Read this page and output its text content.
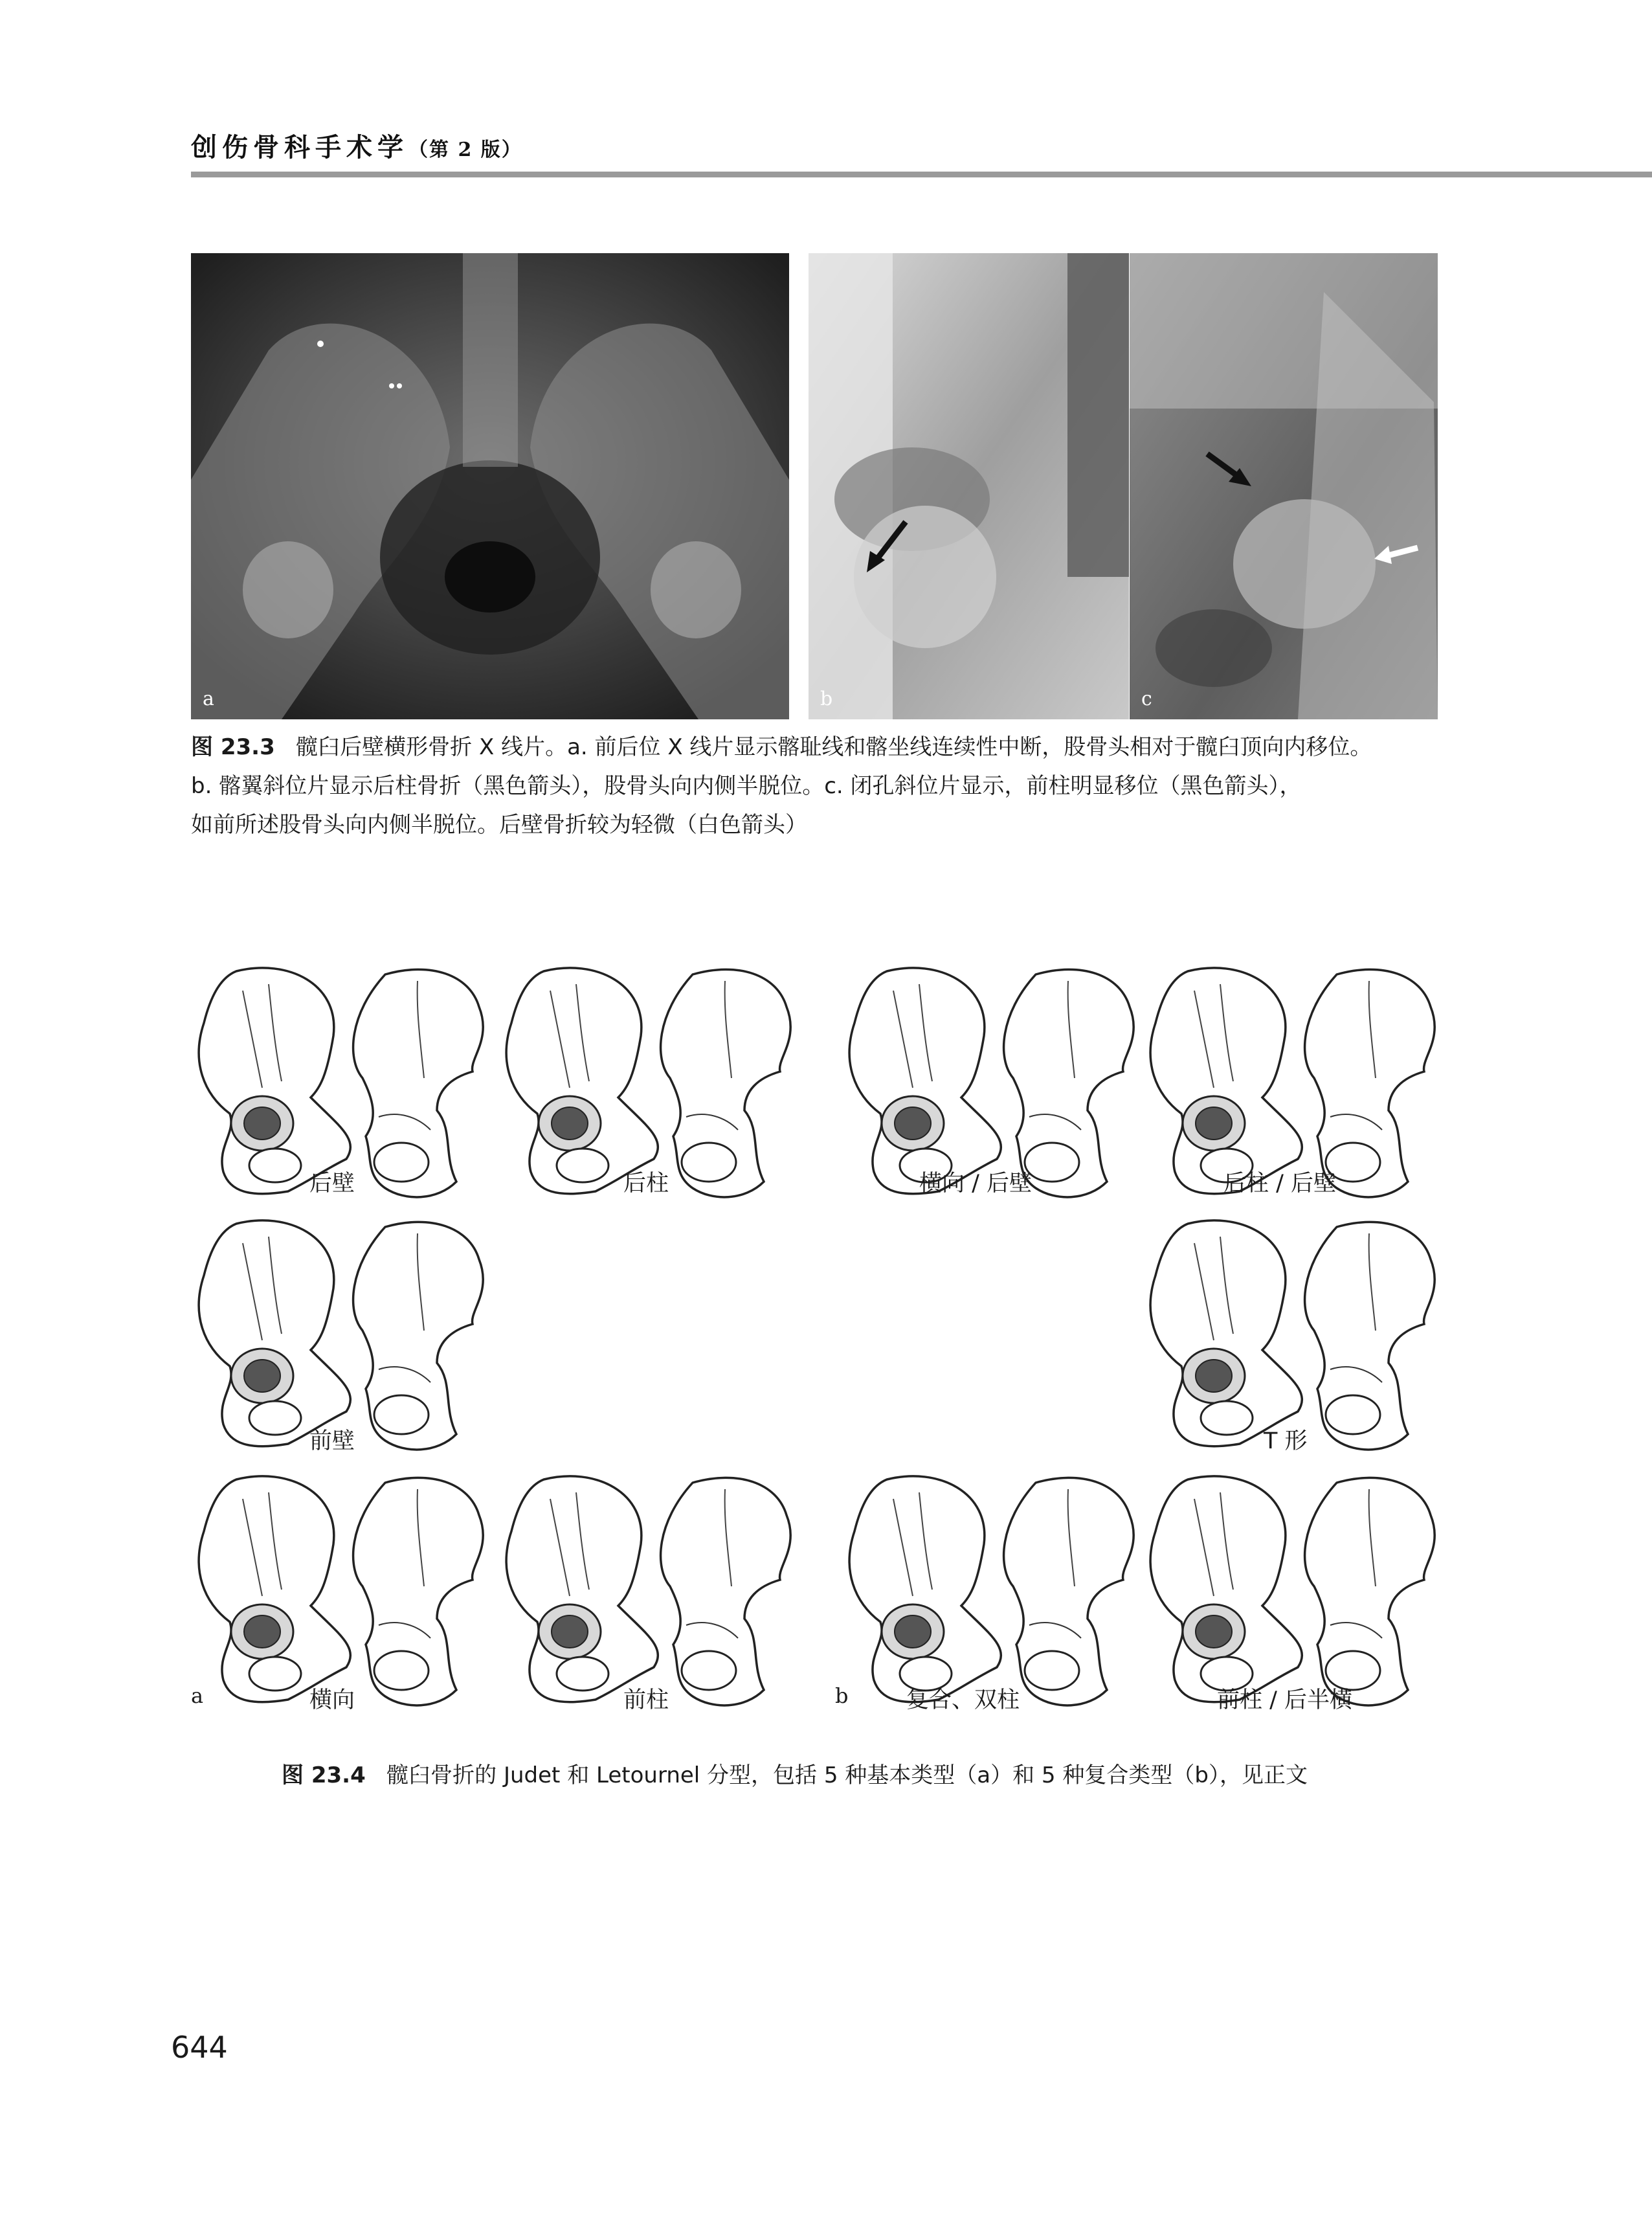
创伤骨科手术学（第 2 版）
a	b	c
图 23.3 髋臼后壁横形骨折 X 线片。a. 前后位 X 线片显示髂耻线和髂坐线连续性中断，股骨头相对于髋臼顶向内移位。
b. 髂翼斜位片显示后柱骨折（黑色箭头），股骨头向内侧半脱位。c. 闭孔斜位片显示，前柱明显移位（黑色箭头），
如前所述股骨头向内侧半脱位。后壁骨折较为轻微（白色箭头）
后壁	后柱	横向 / 后壁	后柱 / 后壁
前壁	T 形
a	横向	前柱	b	复合、双柱	前柱 / 后半横
图 23.4 髋臼骨折的 Judet 和 Letournel 分型，包括 5 种基本类型（a）和 5 种复合类型（b），见正文
644
